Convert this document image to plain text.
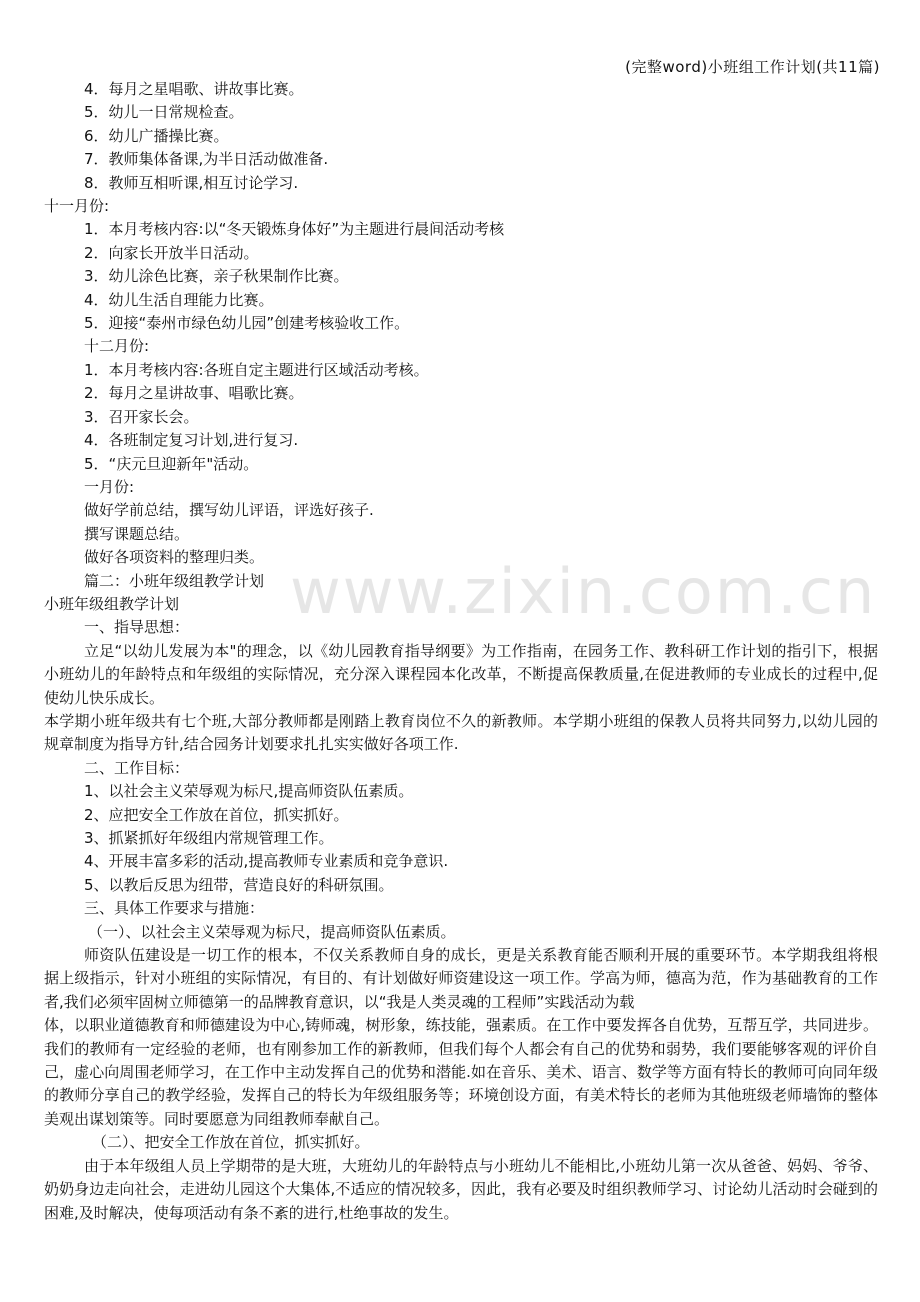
(完整word)小班组工作计划(共11篇)
www.zixin.com.cn
4．每月之星唱歌、讲故事比赛。
5．幼儿一日常规检查。
6．幼儿广播操比赛。
7．教师集体备课,为半日活动做准备.
8．教师互相听课,相互讨论学习.
十一月份:
1．本月考核内容:以“冬天锻炼身体好”为主题进行晨间活动考核
2．向家长开放半日活动。
3．幼儿涂色比赛，亲子秋果制作比赛。
4．幼儿生活自理能力比赛。
5．迎接“泰州市绿色幼儿园”创建考核验收工作。
十二月份:
1．本月考核内容:各班自定主题进行区域活动考核。
2．每月之星讲故事、唱歌比赛。
3．召开家长会。
4．各班制定复习计划,进行复习.
5．“庆元旦迎新年"活动。
一月份:
做好学前总结，撰写幼儿评语，评选好孩子.
撰写课题总结。
做好各项资料的整理归类。
篇二：小班年级组教学计划
小班年级组教学计划
一、指导思想：
立足“以幼儿发展为本"的理念，以《幼儿园教育指导纲要》为工作指南，在园务工作、教科研工作计划的指引下，根据小班幼儿的年龄特点和年级组的实际情况，充分深入课程园本化改革，不断提高保教质量,在促进教师的专业成长的过程中,促使幼儿快乐成长。
本学期小班年级共有七个班,大部分教师都是刚踏上教育岗位不久的新教师。本学期小班组的保教人员将共同努力,以幼儿园的规章制度为指导方针,结合园务计划要求扎扎实实做好各项工作.
二、工作目标：
1、以社会主义荣辱观为标尺,提高师资队伍素质。
2、应把安全工作放在首位，抓实抓好。
3、抓紧抓好年级组内常规管理工作。
4、开展丰富多彩的活动,提高教师专业素质和竞争意识.
5、以教后反思为纽带，营造良好的科研氛围。
三、具体工作要求与措施：
（一）、以社会主义荣辱观为标尺，提高师资队伍素质。
师资队伍建设是一切工作的根本，不仅关系教师自身的成长，更是关系教育能否顺利开展的重要环节。本学期我组将根据上级指示，针对小班组的实际情况，有目的、有计划做好师资建设这一项工作。学高为师，德高为范，作为基础教育的工作者,我们必须牢固树立师德第一的品牌教育意识，以“我是人类灵魂的工程师”实践活动为载
体，以职业道德教育和师德建设为中心,铸师魂，树形象，练技能，强素质。在工作中要发挥各自优势，互帮互学，共同进步。我们的教师有一定经验的老师，也有刚参加工作的新教师，但我们每个人都会有自己的优势和弱势，我们要能够客观的评价自己，虚心向周围老师学习，在工作中主动发挥自己的优势和潜能.如在音乐、美术、语言、数学等方面有特长的教师可向同年级的教师分享自己的教学经验，发挥自己的特长为年级组服务等；环境创设方面，有美术特长的老师为其他班级老师墙饰的整体美观出谋划策等。同时要愿意为同组教师奉献自己。
（二）、把安全工作放在首位，抓实抓好。
由于本年级组人员上学期带的是大班，大班幼儿的年龄特点与小班幼儿不能相比,小班幼儿第一次从爸爸、妈妈、爷爷、奶奶身边走向社会，走进幼儿园这个大集体,不适应的情况较多，因此，我有必要及时组织教师学习、讨论幼儿活动时会碰到的困难,及时解决，使每项活动有条不紊的进行,杜绝事故的发生。
